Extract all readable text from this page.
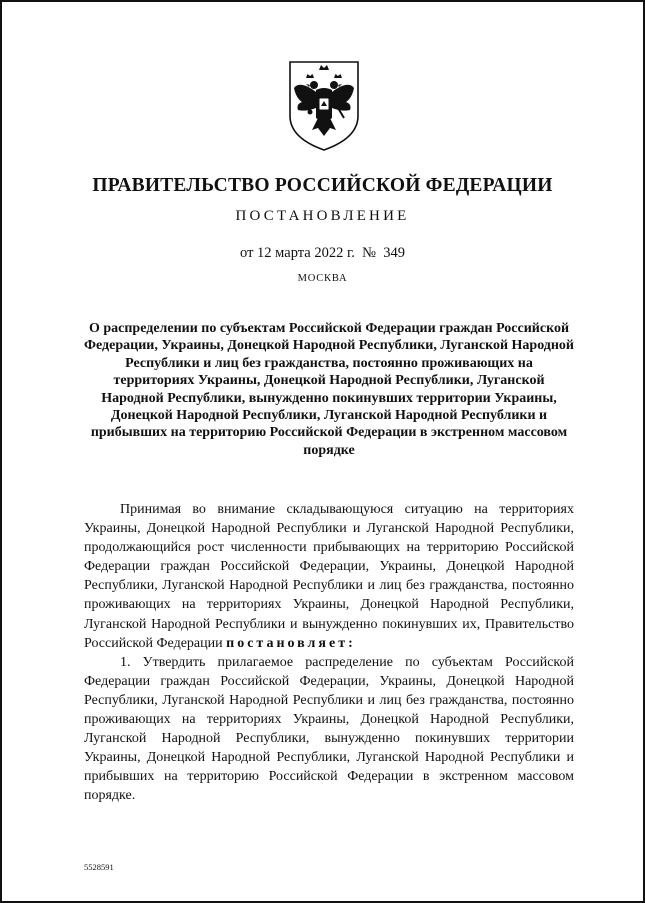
ПРАВИТЕЛЬСТВО РОССИЙСКОЙ ФЕДЕРАЦИИ
ПОСТАНОВЛЕНИЕ
от 12 марта 2022 г.  №  349
МОСКВА
О распределении по субъектам Российской Федерации граждан Российской Федерации, Украины, Донецкой Народной Республики, Луганской Народной Республики и лиц без гражданства, постоянно проживающих на территориях Украины, Донецкой Народной Республики, Луганской Народной Республики, вынужденно покинувших территории Украины, Донецкой Народной Республики, Луганской Народной Республики и прибывших на территорию Российской Федерации в экстренном массовом порядке

Принимая во внимание складывающуюся ситуацию на территориях Украины, Донецкой Народной Республики и Луганской Народной Республики, продолжающийся рост численности прибывающих на территорию Российской Федерации граждан Российской Федерации, Украины, Донецкой Народной Республики, Луганской Народной Республики и лиц без гражданства, постоянно проживающих на территориях Украины, Донецкой Народной Республики, Луганской Народной Республики и вынужденно покинувших их, Правительство Российской Федерации постановляет:

1. Утвердить прилагаемое распределение по субъектам Российской Федерации граждан Российской Федерации, Украины, Донецкой Народной Республики, Луганской Народной Республики и лиц без гражданства, постоянно проживающих на территориях Украины, Донецкой Народной Республики, Луганской Народной Республики, вынужденно покинувших территории Украины, Донецкой Народной Республики, Луганской Народной Республики и прибывших на территорию Российской Федерации в экстренном массовом порядке.

5528591
